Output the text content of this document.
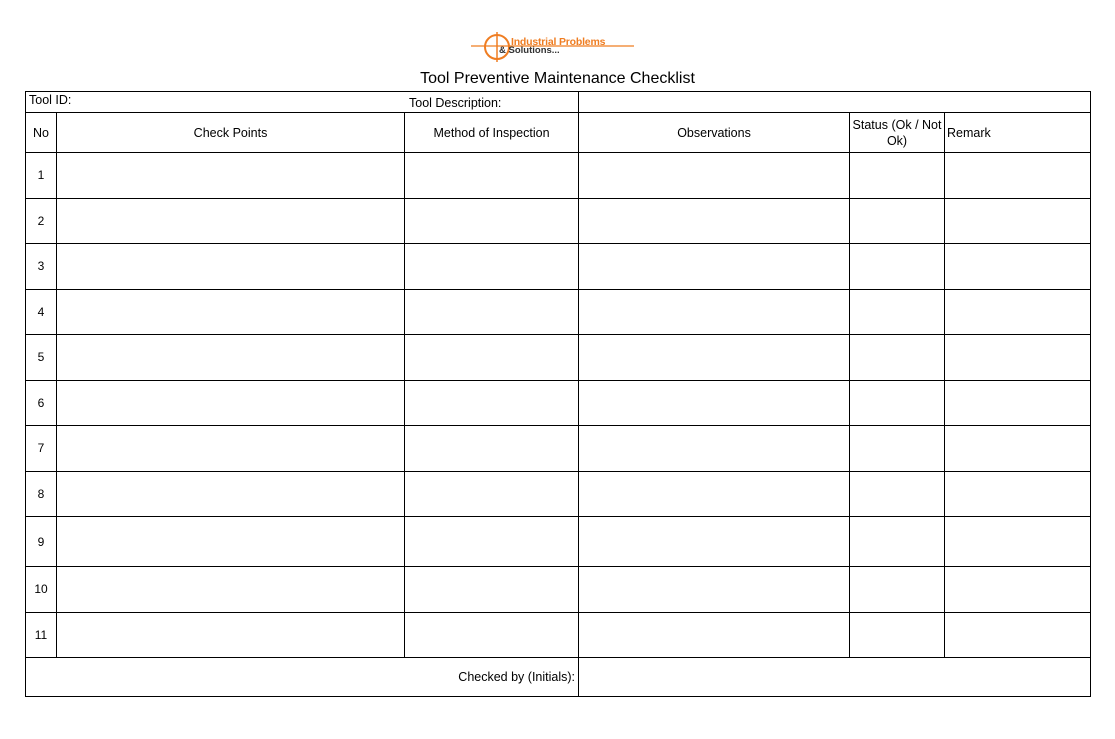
Industrial Problems
& Solutions...
Tool Preventive Maintenance Checklist
Tool ID: Tool Description:					

No	Check Points	Method of Inspection	Observations	Status (Ok / Not Ok)	Remark
1					
2					
3					
4					
5					
6					
7					
8					
9					
10					
11					
Checked by (Initials):					
